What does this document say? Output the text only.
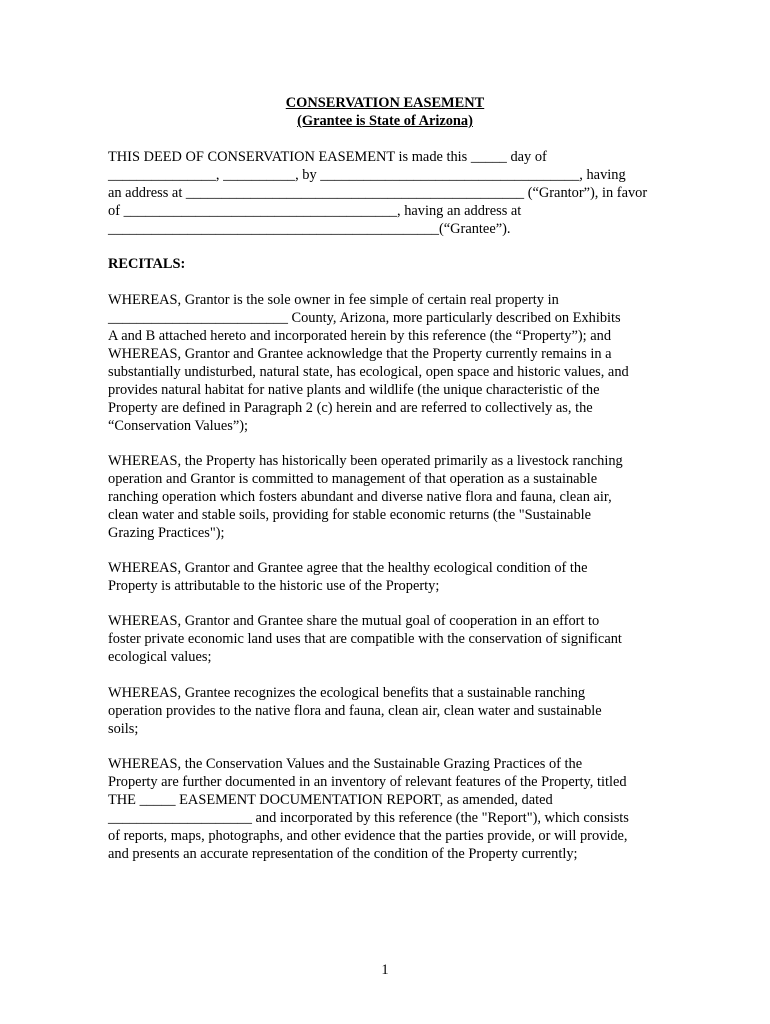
CONSERVATION EASEMENT
(Grantee is State of Arizona)
THIS DEED OF CONSERVATION EASEMENT is made this _____ day of
_______________, __________, by ____________________________________, having
an address at _______________________________________________ (“Grantor”), in favor
of ______________________________________, having an address at
______________________________________________(“Grantee”).
RECITALS:
WHEREAS, Grantor is the sole owner in fee simple of certain real property in
_________________________ County, Arizona, more particularly described on Exhibits
A and B attached hereto and incorporated herein by this reference (the “Property”); and
WHEREAS, Grantor and Grantee acknowledge that the Property currently remains in a
substantially undisturbed, natural state, has ecological, open space and historic values, and
provides natural habitat for native plants and wildlife (the unique characteristic of the
Property are defined in Paragraph 2 (c) herein and are referred to collectively as, the
“Conservation Values”);
WHEREAS, the Property has historically been operated primarily as a livestock ranching
operation and Grantor is committed to management of that operation as a sustainable
ranching operation which fosters abundant and diverse native flora and fauna, clean air,
clean water and stable soils, providing for stable economic returns (the "Sustainable
Grazing Practices");
WHEREAS, Grantor and Grantee agree that the healthy ecological condition of the
Property is attributable to the historic use of the Property;
WHEREAS, Grantor and Grantee share the mutual goal of cooperation in an effort to
foster private economic land uses that are compatible with the conservation of significant
ecological values;
WHEREAS, Grantee recognizes the ecological benefits that a sustainable ranching
operation provides to the native flora and fauna, clean air, clean water and sustainable
soils;
WHEREAS, the Conservation Values and the Sustainable Grazing Practices of the
Property are further documented in an inventory of relevant features of the Property, titled
THE _____ EASEMENT DOCUMENTATION REPORT, as amended, dated
____________________ and incorporated by this reference (the "Report"), which consists
of reports, maps, photographs, and other evidence that the parties provide, or will provide,
and presents an accurate representation of the condition of the Property currently;
1
